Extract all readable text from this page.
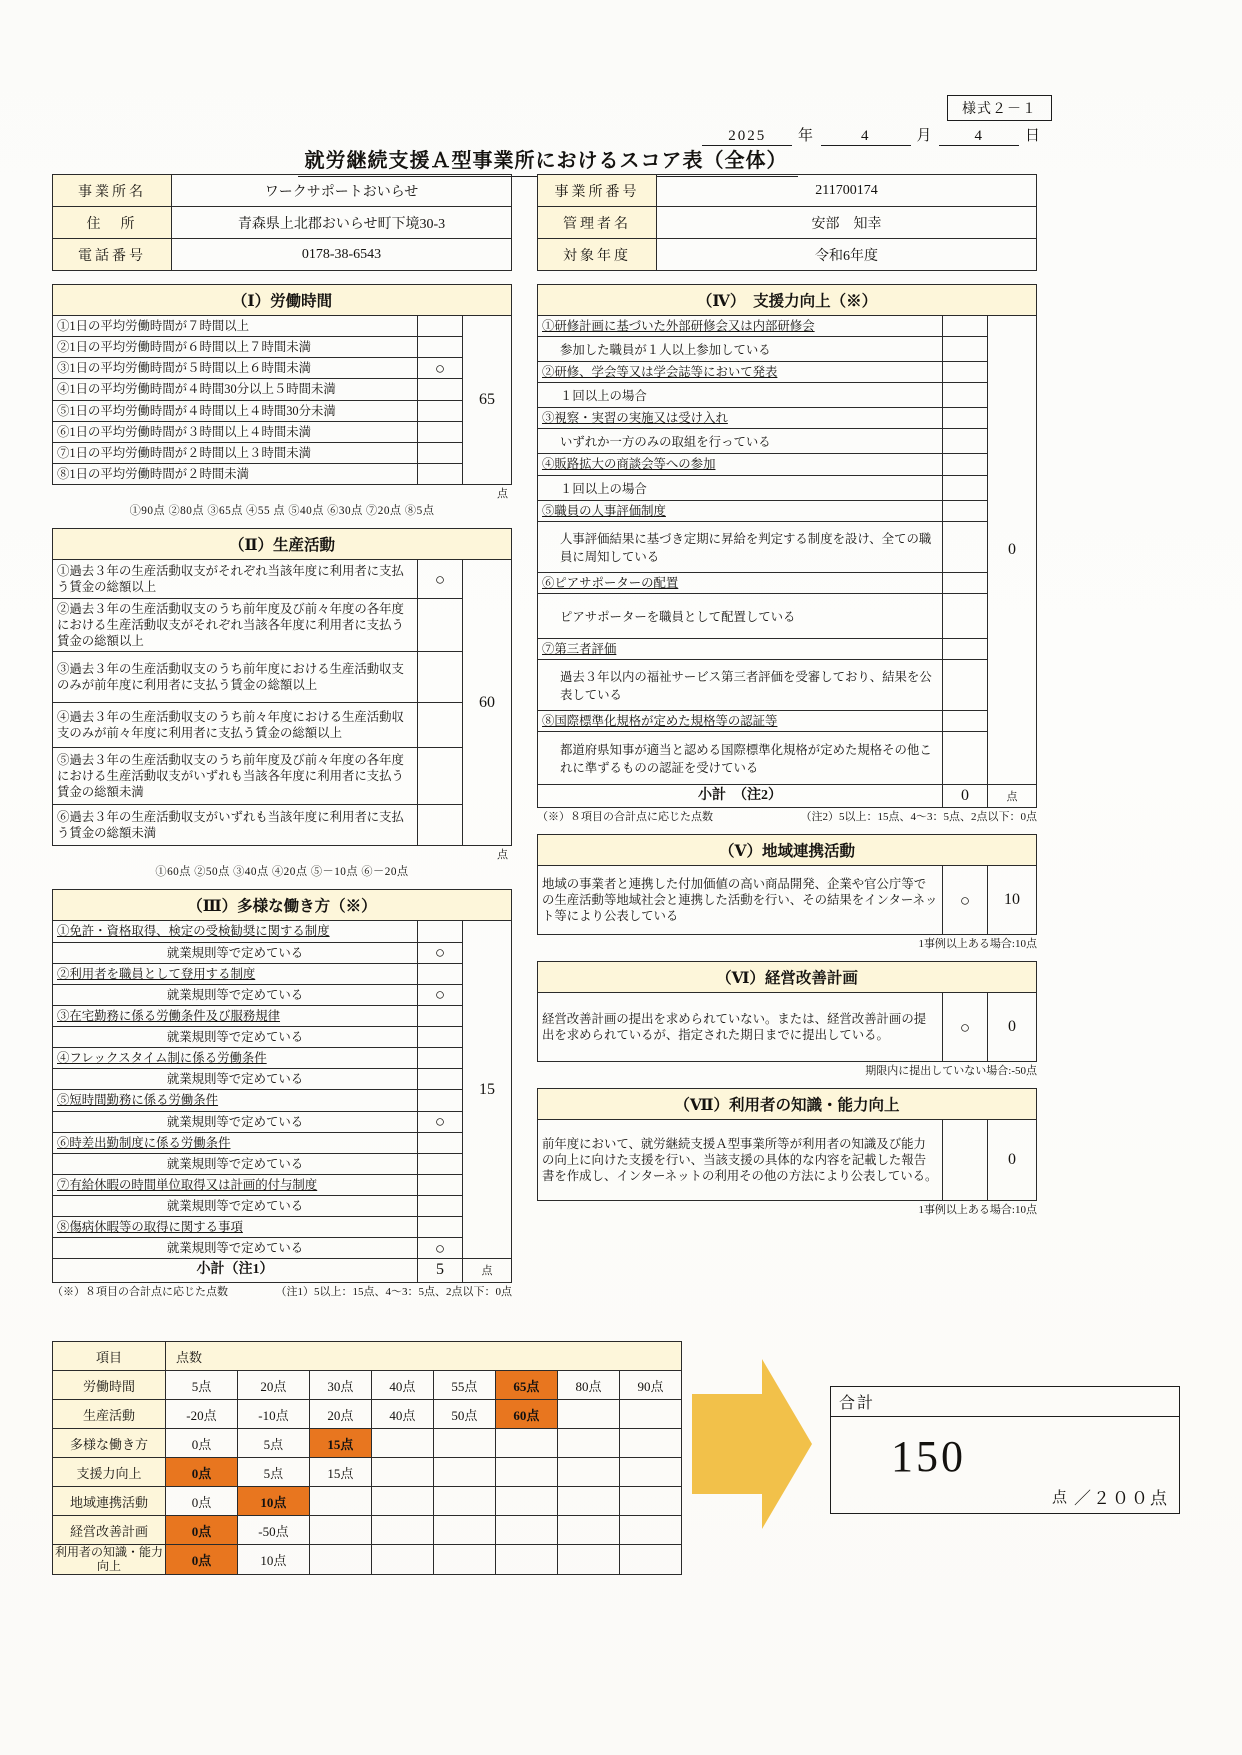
様式２－１
2025 年	4	月	4	日
就労継続支援Ａ型事業所におけるスコア表（全体）
事業所名	ワークサポートおいらせ
住　所	青森県上北郡おいらせ町下境30-3
電話番号	0178-38-6543
事業所番号	211700174
管理者名	安部　知幸
対象年度	令和6年度
（Ⅰ）労働時間		
①1日の平均労働時間が７時間以上		65
②1日の平均労働時間が６時間以上７時間未満		
③1日の平均労働時間が５時間以上６時間未満	○	
④1日の平均労働時間が４時間30分以上５時間未満		
⑤1日の平均労働時間が４時間以上４時間30分未満		
⑥1日の平均労働時間が３時間以上４時間未満		
⑦1日の平均労働時間が２時間以上３時間未満		
⑧1日の平均労働時間が２時間未満		
点
①90点 ②80点 ③65点 ④55 点 ⑤40点 ⑥30点 ⑦20点 ⑧5点
（Ⅱ）生産活動		
①過去３年の生産活動収支がそれぞれ当該年度に利用者に支払う賃金の総額以上	○	60
②過去３年の生産活動収支のうち前年度及び前々年度の各年度における生産活動収支がそれぞれ当該各年度に利用者に支払う賃金の総額以上		
③過去３年の生産活動収支のうち前年度における生産活動収支のみが前年度に利用者に支払う賃金の総額以上		
④過去３年の生産活動収支のうち前々年度における生産活動収支のみが前々年度に利用者に支払う賃金の総額以上		
⑤過去３年の生産活動収支のうち前年度及び前々年度の各年度における生産活動収支がいずれも当該各年度に利用者に支払う賃金の総額未満		
⑥過去３年の生産活動収支がいずれも当該年度に利用者に支払う賃金の総額未満		
点
①60点 ②50点 ③40点 ④20点 ⑤－10点 ⑥－20点
（Ⅲ）多様な働き方（※）		
①免許・資格取得、検定の受検勧奨に関する制度		15
就業規則等で定めている	○	
②利用者を職員として登用する制度		
就業規則等で定めている	○	
③在宅勤務に係る労働条件及び服務規律		
就業規則等で定めている		
④フレックスタイム制に係る労働条件		
就業規則等で定めている		
⑤短時間勤務に係る労働条件		
就業規則等で定めている	○	
⑥時差出勤制度に係る労働条件		
就業規則等で定めている		
⑦有給休暇の時間単位取得又は計画的付与制度		
就業規則等で定めている		
⑧傷病休暇等の取得に関する事項		
就業規則等で定めている	○	
小計（注1）	5	点
（※）８項目の合計点に応じた点数	（注1）5以上：15点、4～3：5点、2点以下：0点
（Ⅳ）　支援力向上（※）		
①研修計画に基づいた外部研修会又は内部研修会		0
参加した職員が１人以上参加している		
②研修、学会等又は学会誌等において発表		
１回以上の場合		
③視察・実習の実施又は受け入れ		
いずれか一方のみの取組を行っている		
④販路拡大の商談会等への参加		
１回以上の場合		
⑤職員の人事評価制度		
人事評価結果に基づき定期に昇給を判定する制度を設け、全ての職員に周知している		
⑥ピアサポーターの配置		
ピアサポーターを職員として配置している		
⑦第三者評価		
過去３年以内の福祉サービス第三者評価を受審しており、結果を公表している		
⑧国際標準化規格が定めた規格等の認証等		
都道府県知事が適当と認める国際標準化規格が定めた規格その他これに準ずるものの認証を受けている		
小計　（注2）	0	点
（※）８項目の合計点に応じた点数	（注2）5以上：15点、4～3：5点、2点以下：0点
（Ⅴ）地域連携活動
地域の事業者と連携した付加価値の高い商品開発、企業や官公庁等での生産活動等地域社会と連携した活動を行い、その結果をインターネット等により公表している	○	10
1事例以上ある場合:10点
（Ⅵ）経営改善計画
経営改善計画の提出を求められていない。または、経営改善計画の提出を求められているが、指定された期日までに提出している。	○	0
期限内に提出していない場合:-50点
（Ⅶ）利用者の知識・能力向上
前年度において、就労継続支援Ａ型事業所等が利用者の知識及び能力の向上に向けた支援を行い、当該支援の具体的な内容を記載した報告書を作成し、インターネットの利用その他の方法により公表している。		0
1事例以上ある場合:10点
項目	点数							
労働時間	5点	20点	30点	40点	55点	65点	80点	90点
生産活動	-20点	-10点	20点	40点	50点	60点		
多様な働き方	0点	5点	15点					
支援力向上	0点	5点	15点					
地域連携活動	0点	10点						
経営改善計画	0点	-50点						
利用者の知識・能力向上	0点	10点						
合計
150
点 ／２００点
